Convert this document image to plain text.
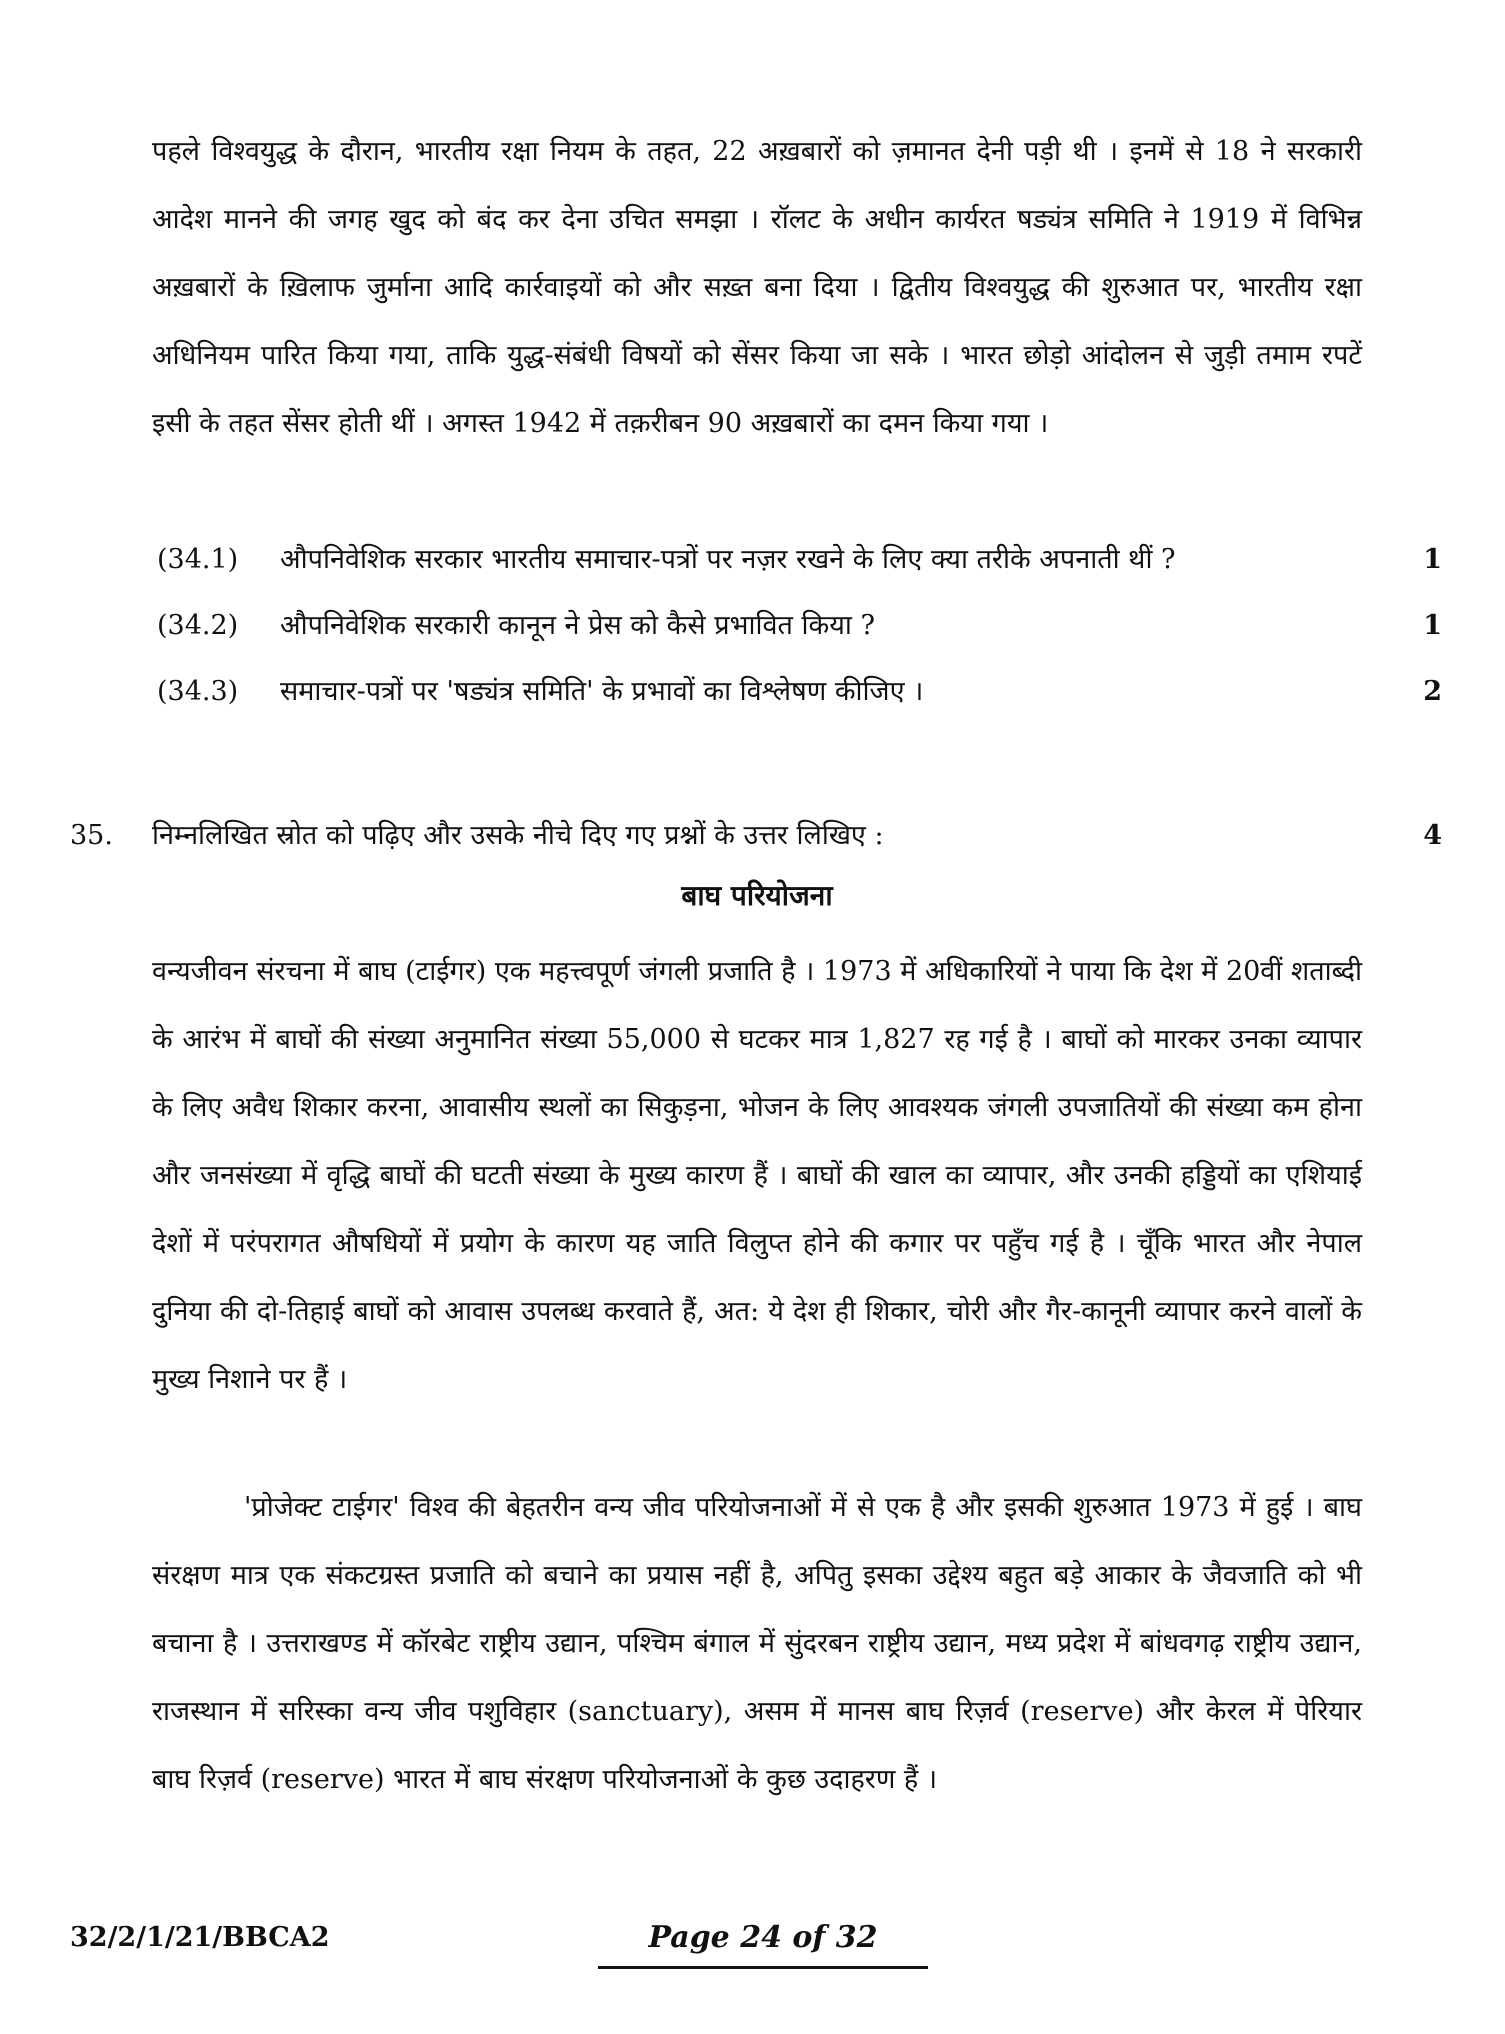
पहले विश्वयुद्ध के दौरान, भारतीय रक्षा नियम के तहत, 22 अख़बारों को ज़मानत देनी पड़ी थी । इनमें से 18 ने सरकारी आदेश मानने की जगह खुद को बंद कर देना उचित समझा । रॉलट के अधीन कार्यरत षड्यंत्र समिति ने 1919 में विभिन्न अख़बारों के ख़िलाफ जुर्माना आदि कार्रवाइयों को और सख़्त बना दिया । द्वितीय विश्वयुद्ध की शुरुआत पर, भारतीय रक्षा अधिनियम पारित किया गया, ताकि युद्ध-संबंधी विषयों को सेंसर किया जा सके । भारत छोड़ो आंदोलन से जुड़ी तमाम रपटें इसी के तहत सेंसर होती थीं । अगस्त 1942 में तक़रीबन 90 अख़बारों का दमन किया गया ।

(34.1) औपनिवेशिक सरकार भारतीय समाचार-पत्रों पर नज़र रखने के लिए क्या तरीके अपनाती थीं ?	1
(34.2) औपनिवेशिक सरकारी कानून ने प्रेस को कैसे प्रभावित किया ?	1
(34.3) समाचार-पत्रों पर 'षड्यंत्र समिति' के प्रभावों का विश्लेषण कीजिए ।	2
35. निम्नलिखित स्रोत को पढ़िए और उसके नीचे दिए गए प्रश्नों के उत्तर लिखिए :	4
बाघ परियोजना

वन्यजीवन संरचना में बाघ (टाईगर) एक महत्त्वपूर्ण जंगली प्रजाति है । 1973 में अधिकारियों ने पाया कि देश में 20वीं शताब्दी के आरंभ में बाघों की संख्या अनुमानित संख्या 55,000 से घटकर मात्र 1,827 रह गई है । बाघों को मारकर उनका व्यापार के लिए अवैध शिकार करना, आवासीय स्थलों का सिकुड़ना, भोजन के लिए आवश्यक जंगली उपजातियों की संख्या कम होना और जनसंख्या में वृद्धि बाघों की घटती संख्या के मुख्य कारण हैं । बाघों की खाल का व्यापार, और उनकी हड्डियों का एशियाई देशों में परंपरागत औषधियों में प्रयोग के कारण यह जाति विलुप्त होने की कगार पर पहुँच गई है । चूँकि भारत और नेपाल दुनिया की दो-तिहाई बाघों को आवास उपलब्ध करवाते हैं, अत: ये देश ही शिकार, चोरी और गैर-कानूनी व्यापार करने वालों के मुख्य निशाने पर हैं ।

'प्रोजेक्ट टाईगर' विश्व की बेहतरीन वन्य जीव परियोजनाओं में से एक है और इसकी शुरुआत 1973 में हुई । बाघ संरक्षण मात्र एक संकटग्रस्त प्रजाति को बचाने का प्रयास नहीं है, अपितु इसका उद्देश्य बहुत बड़े आकार के जैवजाति को भी बचाना है । उत्तराखण्ड में कॉरबेट राष्ट्रीय उद्यान, पश्चिम बंगाल में सुंदरबन राष्ट्रीय उद्यान, मध्य प्रदेश में बांधवगढ़ राष्ट्रीय उद्यान, राजस्थान में सरिस्का वन्य जीव पशुविहार (sanctuary), असम में मानस बाघ रिज़र्व (reserve) और केरल में पेरियार बाघ रिज़र्व (reserve) भारत में बाघ संरक्षण परियोजनाओं के कुछ उदाहरण हैं ।

32/2/1/21/BBCA2	Page 24 of 32
